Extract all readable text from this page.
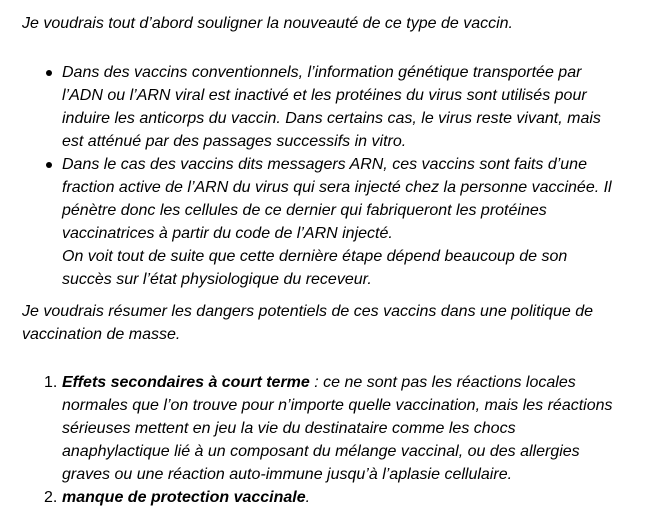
Je voudrais tout d’abord souligner la nouveauté de ce type de vaccin.

Dans des vaccins conventionnels, l’information génétique transportée par
l’ADN ou l’ARN viral est inactivé et les protéines du virus sont utilisés pour
induire les anticorps du vaccin. Dans certains cas, le virus reste vivant, mais
est atténué par des passages successifs in vitro.
Dans le cas des vaccins dits messagers ARN, ces vaccins sont faits d’une
fraction active de l’ARN du virus qui sera injecté chez la personne vaccinée. Il
pénètre donc les cellules de ce dernier qui fabriqueront les protéines
vaccinatrices à partir du code de l’ARN injecté.
On voit tout de suite que cette dernière étape dépend beaucoup de son
succès sur l’état physiologique du receveur.

Je voudrais résumer les dangers potentiels de ces vaccins dans une politique de
vaccination de masse.

1. Effets secondaires à court terme : ce ne sont pas les réactions locales
normales que l’on trouve pour n’importe quelle vaccination, mais les réactions
sérieuses mettent en jeu la vie du destinataire comme les chocs
anaphylactique lié à un composant du mélange vaccinal, ou des allergies
graves ou une réaction auto-immune jusqu’à l’aplasie cellulaire.
2. manque de protection vaccinale.
